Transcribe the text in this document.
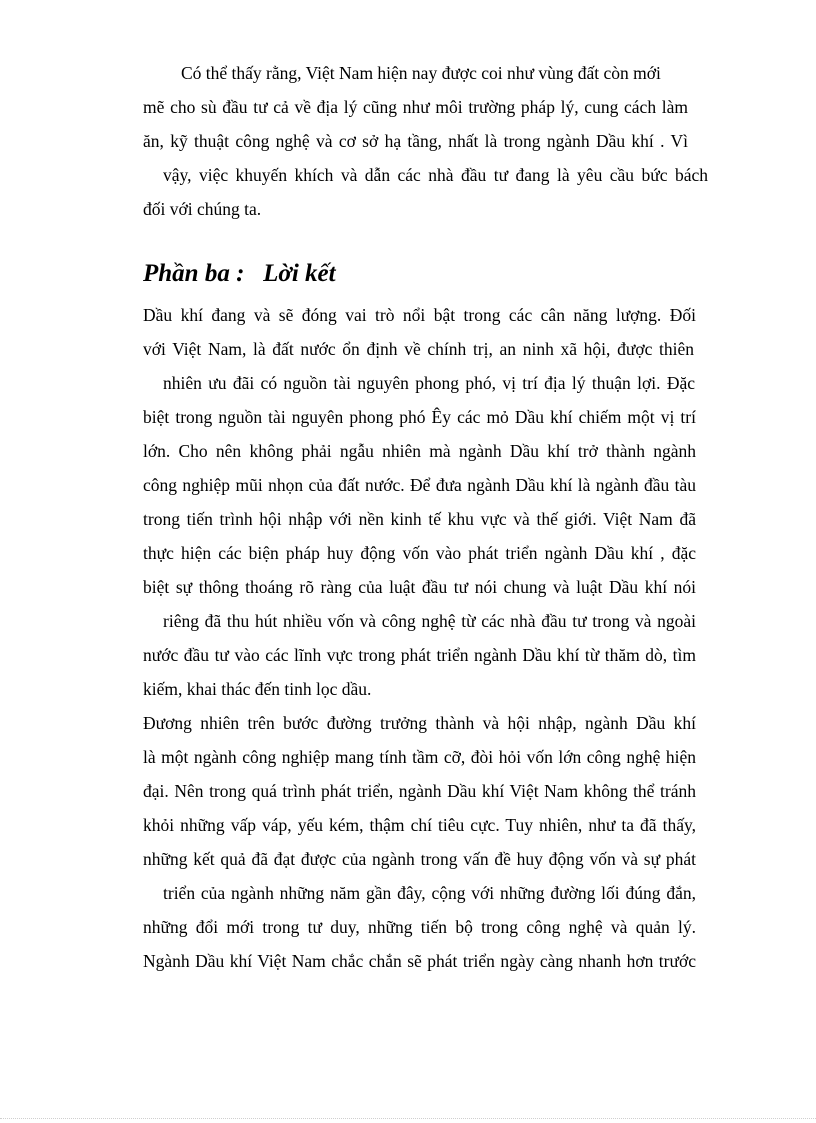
Có thể thấy rằng, Việt Nam hiện nay được coi như vùng đất còn mới
mẽ cho sù đầu tư cả về địa lý cũng như môi trường pháp lý, cung cách làm
ăn, kỹ thuật công nghệ và cơ sở hạ tầng, nhất là trong ngành Dầu khí . Vì
vậy, việc khuyến khích và dẫn các nhà đầu tư đang là yêu cầu bức bách
đối với chúng ta.
Phần ba :   Lời kết
Dầu khí đang và sẽ đóng vai trò nổi bật trong các cân năng lượng. Đối
với Việt Nam, là đất nước ổn định về chính trị, an ninh xã hội, được thiên
nhiên ưu đãi có nguồn tài nguyên phong phó, vị trí địa lý thuận lợi. Đặc
biệt trong nguồn tài nguyên phong phó Êy các mỏ Dầu khí chiếm một vị trí
lớn. Cho nên không phải ngẫu nhiên mà ngành Dầu khí trở thành ngành
công nghiệp mũi nhọn của đất nước. Để đưa ngành Dầu khí là ngành đầu tàu
trong tiến trình hội nhập với nền kinh tế khu vực và thế giới. Việt Nam đã
thực hiện các biện pháp huy động vốn vào phát triển ngành Dầu khí , đặc
biệt sự thông thoáng rõ ràng của luật đầu tư nói chung và luật Dầu khí nói
riêng đã thu hút nhiều vốn và công nghệ từ các nhà đầu tư trong và ngoài
nước đầu tư vào các lĩnh vực trong phát triển ngành Dầu khí từ thăm dò, tìm
kiếm, khai thác đến tinh lọc dầu.
Đương nhiên trên bước đường trưởng thành và hội nhập, ngành Dầu khí
là một ngành công nghiệp mang tính tầm cỡ, đòi hỏi vốn lớn công nghệ hiện
đại. Nên trong quá trình phát triển, ngành Dầu khí Việt Nam không thể tránh
khỏi những vấp váp, yếu kém, thậm chí tiêu cực. Tuy nhiên, như ta đã thấy,
những kết quả đã đạt được của ngành trong vấn đề huy động vốn và sự phát
triển của ngành những năm gần đây, cộng với những đường lối đúng đắn,
những đổi mới trong tư duy, những tiến bộ trong công nghệ và quản lý.
Ngành Dầu khí Việt Nam chắc chắn sẽ phát triển ngày càng nhanh hơn trước
